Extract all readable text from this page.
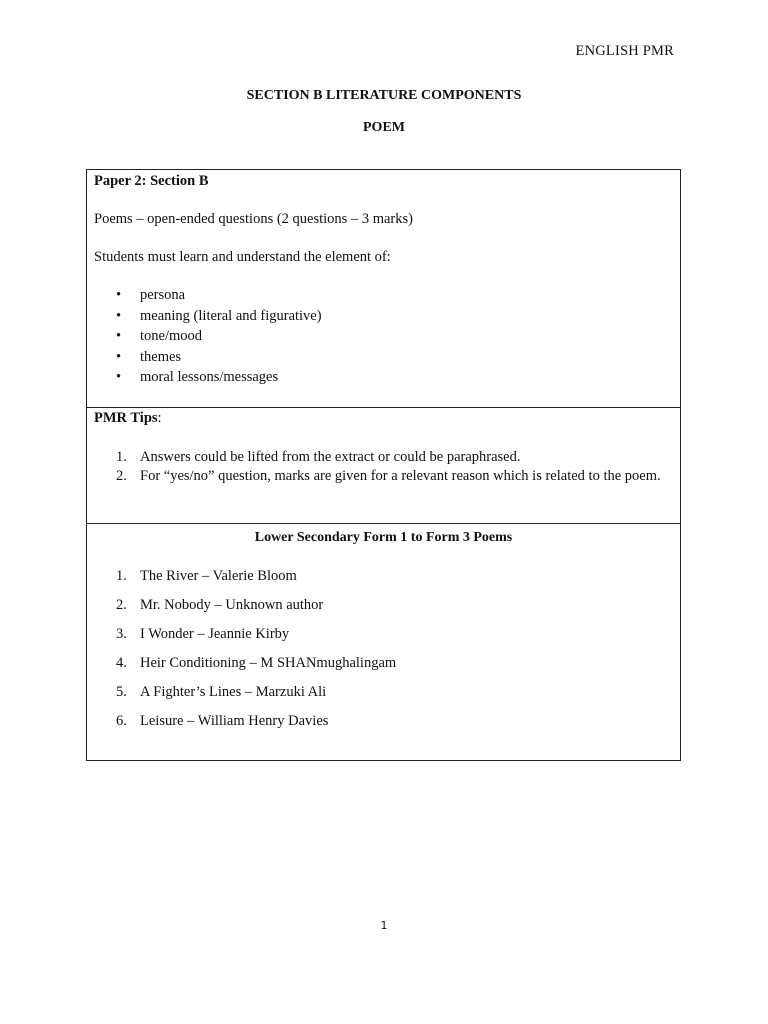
ENGLISH PMR
SECTION B LITERATURE COMPONENTS
POEM

Paper 2: Section B

Poems – open-ended questions (2 questions – 3 marks)

Students must learn and understand the element of:

• persona
• meaning (literal and figurative)
• tone/mood
• themes
• moral lessons/messages

PMR Tips:

1. Answers could be lifted from the extract or could be paraphrased.
2. For “yes/no” question, marks are given for a relevant reason which is related to the poem.
Lower Secondary Form 1 to Form 3 Poems
1. The River – Valerie Bloom
2. Mr. Nobody – Unknown author
3. I Wonder – Jeannie Kirby
4. Heir Conditioning – M SHANmughalingam
5. A Fighter’s Lines – Marzuki Ali
6. Leisure – William Henry Davies
1
